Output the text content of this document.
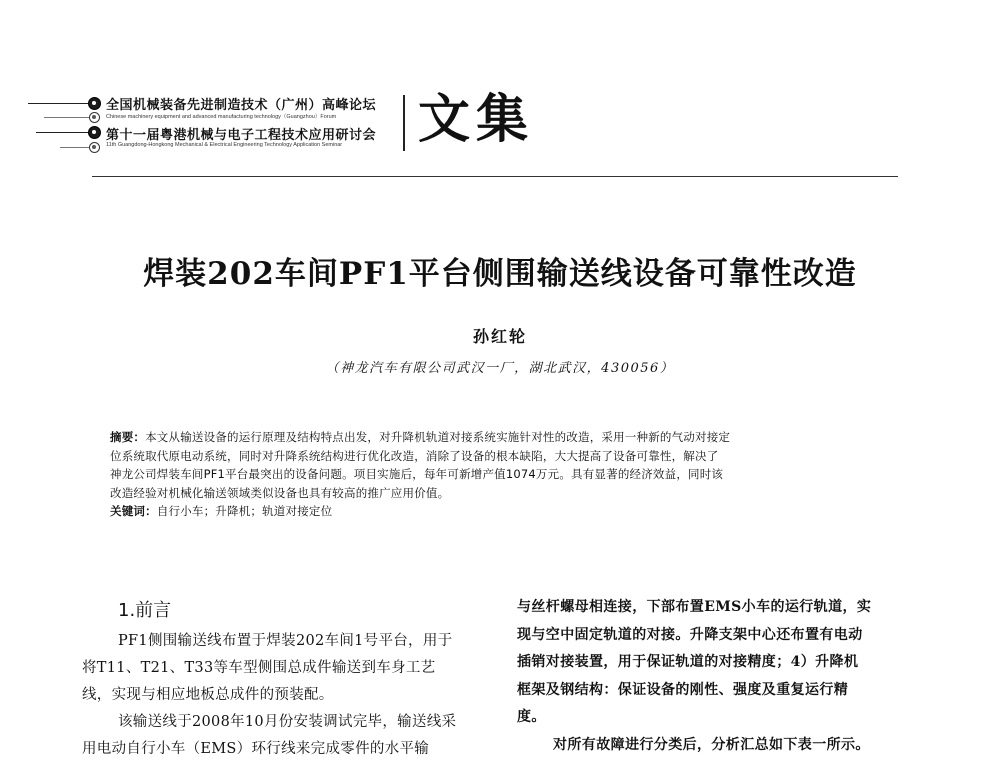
全国机械装备先进制造技术（广州）高峰论坛
Chinese machinery equipment and advanced manufacturing technology（Guangzhou）Forum
第十一届粤港机械与电子工程技术应用研讨会
11th Guangdong-Hongkong Mechanical & Electrical Engineering Technology Application Seminar 文集
焊装202车间PF1平台侧围输送线设备可靠性改造
孙红轮
（神龙汽车有限公司武汉一厂，湖北武汉，430056）
摘要：本文从输送设备的运行原理及结构特点出发，对升降机轨道对接系统实施针对性的改造，采用一种新的气动对接定
位系统取代原电动系统，同时对升降系统结构进行优化改造，消除了设备的根本缺陷，大大提高了设备可靠性，解决了
神龙公司焊装车间PF1平台最突出的设备问题。项目实施后，每年可新增产值1074万元。具有显著的经济效益，同时该
改造经验对机械化输送领域类似设备也具有较高的推广应用价值。
关键词：自行小车；升降机；轨道对接定位
1.前言
PF1侧围输送线布置于焊装202车间1号平台，用于
将T11、T21、T33等车型侧围总成件输送到车身工艺
线，实现与相应地板总成件的预装配。
该输送线于2008年10月份安装调试完毕，输送线采
用电动自行小车（EMS）环行线来完成零件的水平输
与丝杆螺母相连接，下部布置EMS小车的运行轨道，实
现与空中固定轨道的对接。升降支架中心还布置有电动
插销对接装置，用于保证轨道的对接精度；4）升降机
框架及钢结构：保证设备的刚性、强度及重复运行精
度。
对所有故障进行分类后，分析汇总如下表一所示。
